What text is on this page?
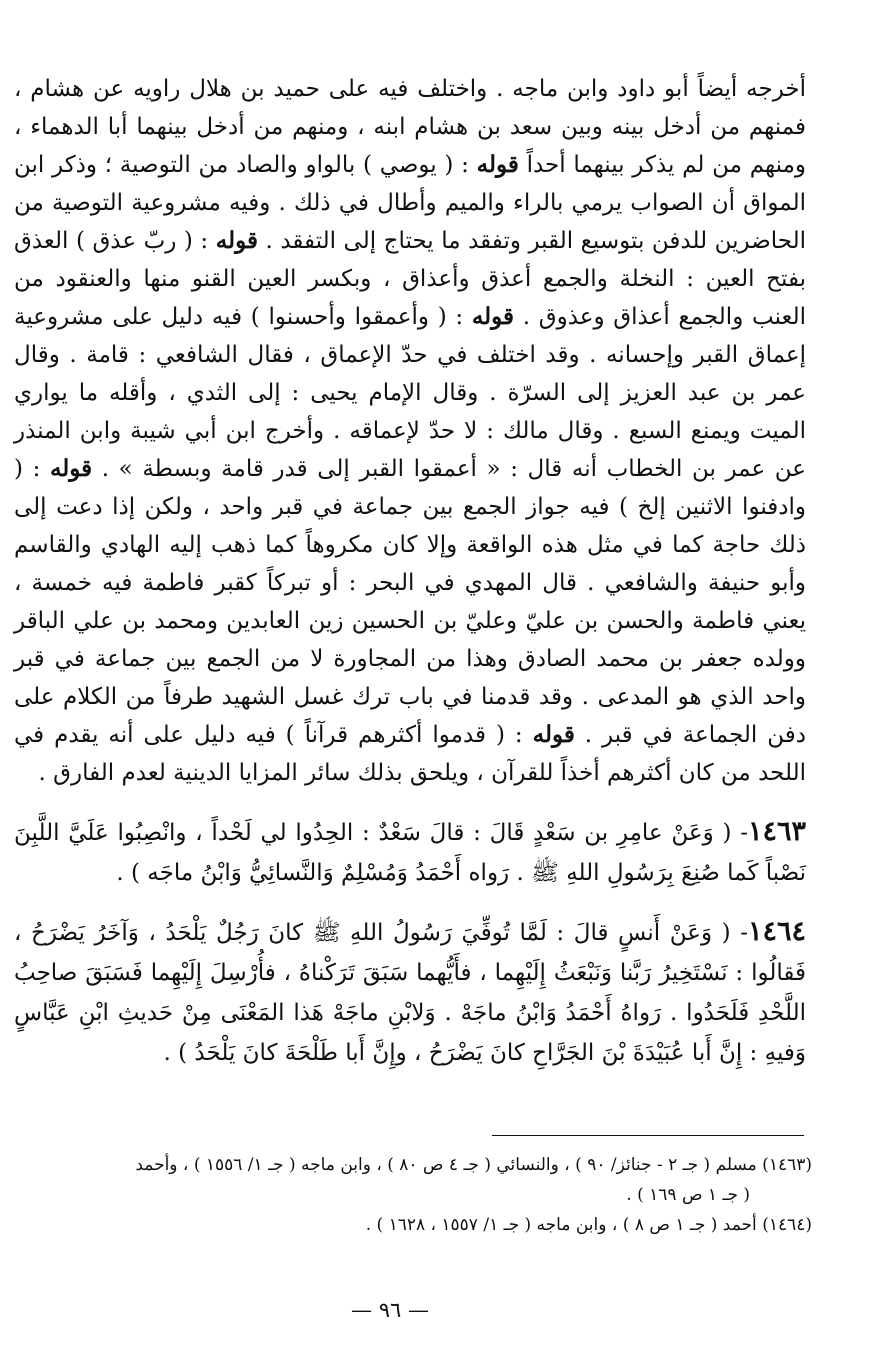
أخرجه أيضاً أبو داود وابن ماجه . واختلف فيه على حميد بن هلال راويه عن هشام ، فمنهم من أدخل بينه وبين سعد بن هشام ابنه ، ومنهم من أدخل بينهما أبا الدهماء ، ومنهم من لم يذكر بينهما أحداً قوله : ( يوصي ) بالواو والصاد من التوصية ؛ وذكر ابن المواق أن الصواب يرمي بالراء والميم وأطال في ذلك . وفيه مشروعية التوصية من الحاضرين للدفن بتوسيع القبر وتفقد ما يحتاج إلى التفقد . قوله : ( ربّ عذق ) العذق بفتح العين : النخلة والجمع أعذق وأعذاق ، وبكسر العين القنو منها والعنقود من العنب والجمع أعذاق وعذوق . قوله : ( وأعمقوا وأحسنوا ) فيه دليل على مشروعية إعماق القبر وإحسانه . وقد اختلف في حدّ الإعماق ، فقال الشافعي : قامة . وقال عمر بن عبد العزيز إلى السرّة . وقال الإمام يحيى : إلى الثدي ، وأقله ما يواري الميت ويمنع السبع . وقال مالك : لا حدّ لإعماقه . وأخرج ابن أبي شيبة وابن المنذر عن عمر بن الخطاب أنه قال : « أعمقوا القبر إلى قدر قامة وبسطة » . قوله : ( وادفنوا الاثنين إلخ ) فيه جواز الجمع بين جماعة في قبر واحد ، ولكن إذا دعت إلى ذلك حاجة كما في مثل هذه الواقعة وإلا كان مكروهاً كما ذهب إليه الهادي والقاسم وأبو حنيفة والشافعي . قال المهدي في البحر : أو تبركاً كقبر فاطمة فيه خمسة ، يعني فاطمة والحسن بن عليّ وعليّ بن الحسين زين العابدين ومحمد بن علي الباقر وولده جعفر بن محمد الصادق وهذا من المجاورة لا من الجمع بين جماعة في قبر واحد الذي هو المدعى . وقد قدمنا في باب ترك غسل الشهيد طرفاً من الكلام على دفن الجماعة في قبر . قوله : ( قدموا أكثرهم قرآناً ) فيه دليل على أنه يقدم في اللحد من كان أكثرهم أخذاً للقرآن ، ويلحق بذلك سائر المزايا الدينية لعدم الفارق .

١٤٦٣- ( وَعَنْ عامِرِ بن سَعْدٍ قَالَ : قالَ سَعْدٌ : الحِدُوا لي لَحْداً ، وانْصِبُوا عَلَيَّ اللَّبِنَ نَصْباً كَما صُنِعَ بِرَسُولِ اللهِ ﷺ . رَواه أَحْمَدُ وَمُسْلِمٌ وَالنَّسائِيُّ وَابْنُ ماجَه ) .

١٤٦٤- ( وَعَنْ أَنسٍ قالَ : لَمَّا تُوفِّيَ رَسُولُ اللهِ ﷺ كانَ رَجُلٌ يَلْحَدُ ، وَآخَرُ يَضْرَحُ ، فَقالُوا : نَسْتَخِيرُ رَبَّنا وَنَبْعَثُ إِلَيْهِما ، فأَيُّهما سَبَقَ تَرَكْناهُ ، فأُرْسِلَ إِلَيْهِما فَسَبَقَ صاحِبُ اللَّحْدِ فَلَحَدُوا . رَواهُ أَحْمَدُ وَابْنُ ماجَهْ . وَلابْنِ ماجَهْ هَذا المَعْنَى مِنْ حَديثِ ابْنِ عَبَّاسٍ وَفيهِ : إِنَّ أَبا عُبَيْدَةَ بْنَ الجَرَّاحِ كانَ يَضْرَحُ ، وإِنَّ أَبا طَلْحَةَ كانَ يَلْحَدُ ) .

(١٤٦٣) مسلم ( جـ ٢ - جنائز/ ٩٠ ) ، والنسائي ( جـ ٤ ص ٨٠ ) ، وابن ماجه ( جـ ١/ ١٥٥٦ ) ، وأحمد

( جـ ١ ص ١٦٩ ) .

(١٤٦٤) أحمد ( جـ ١ ص ٨ ) ، وابن ماجه ( جـ ١/ ١٥٥٧ ، ١٦٢٨ ) .

— ٩٦ —
